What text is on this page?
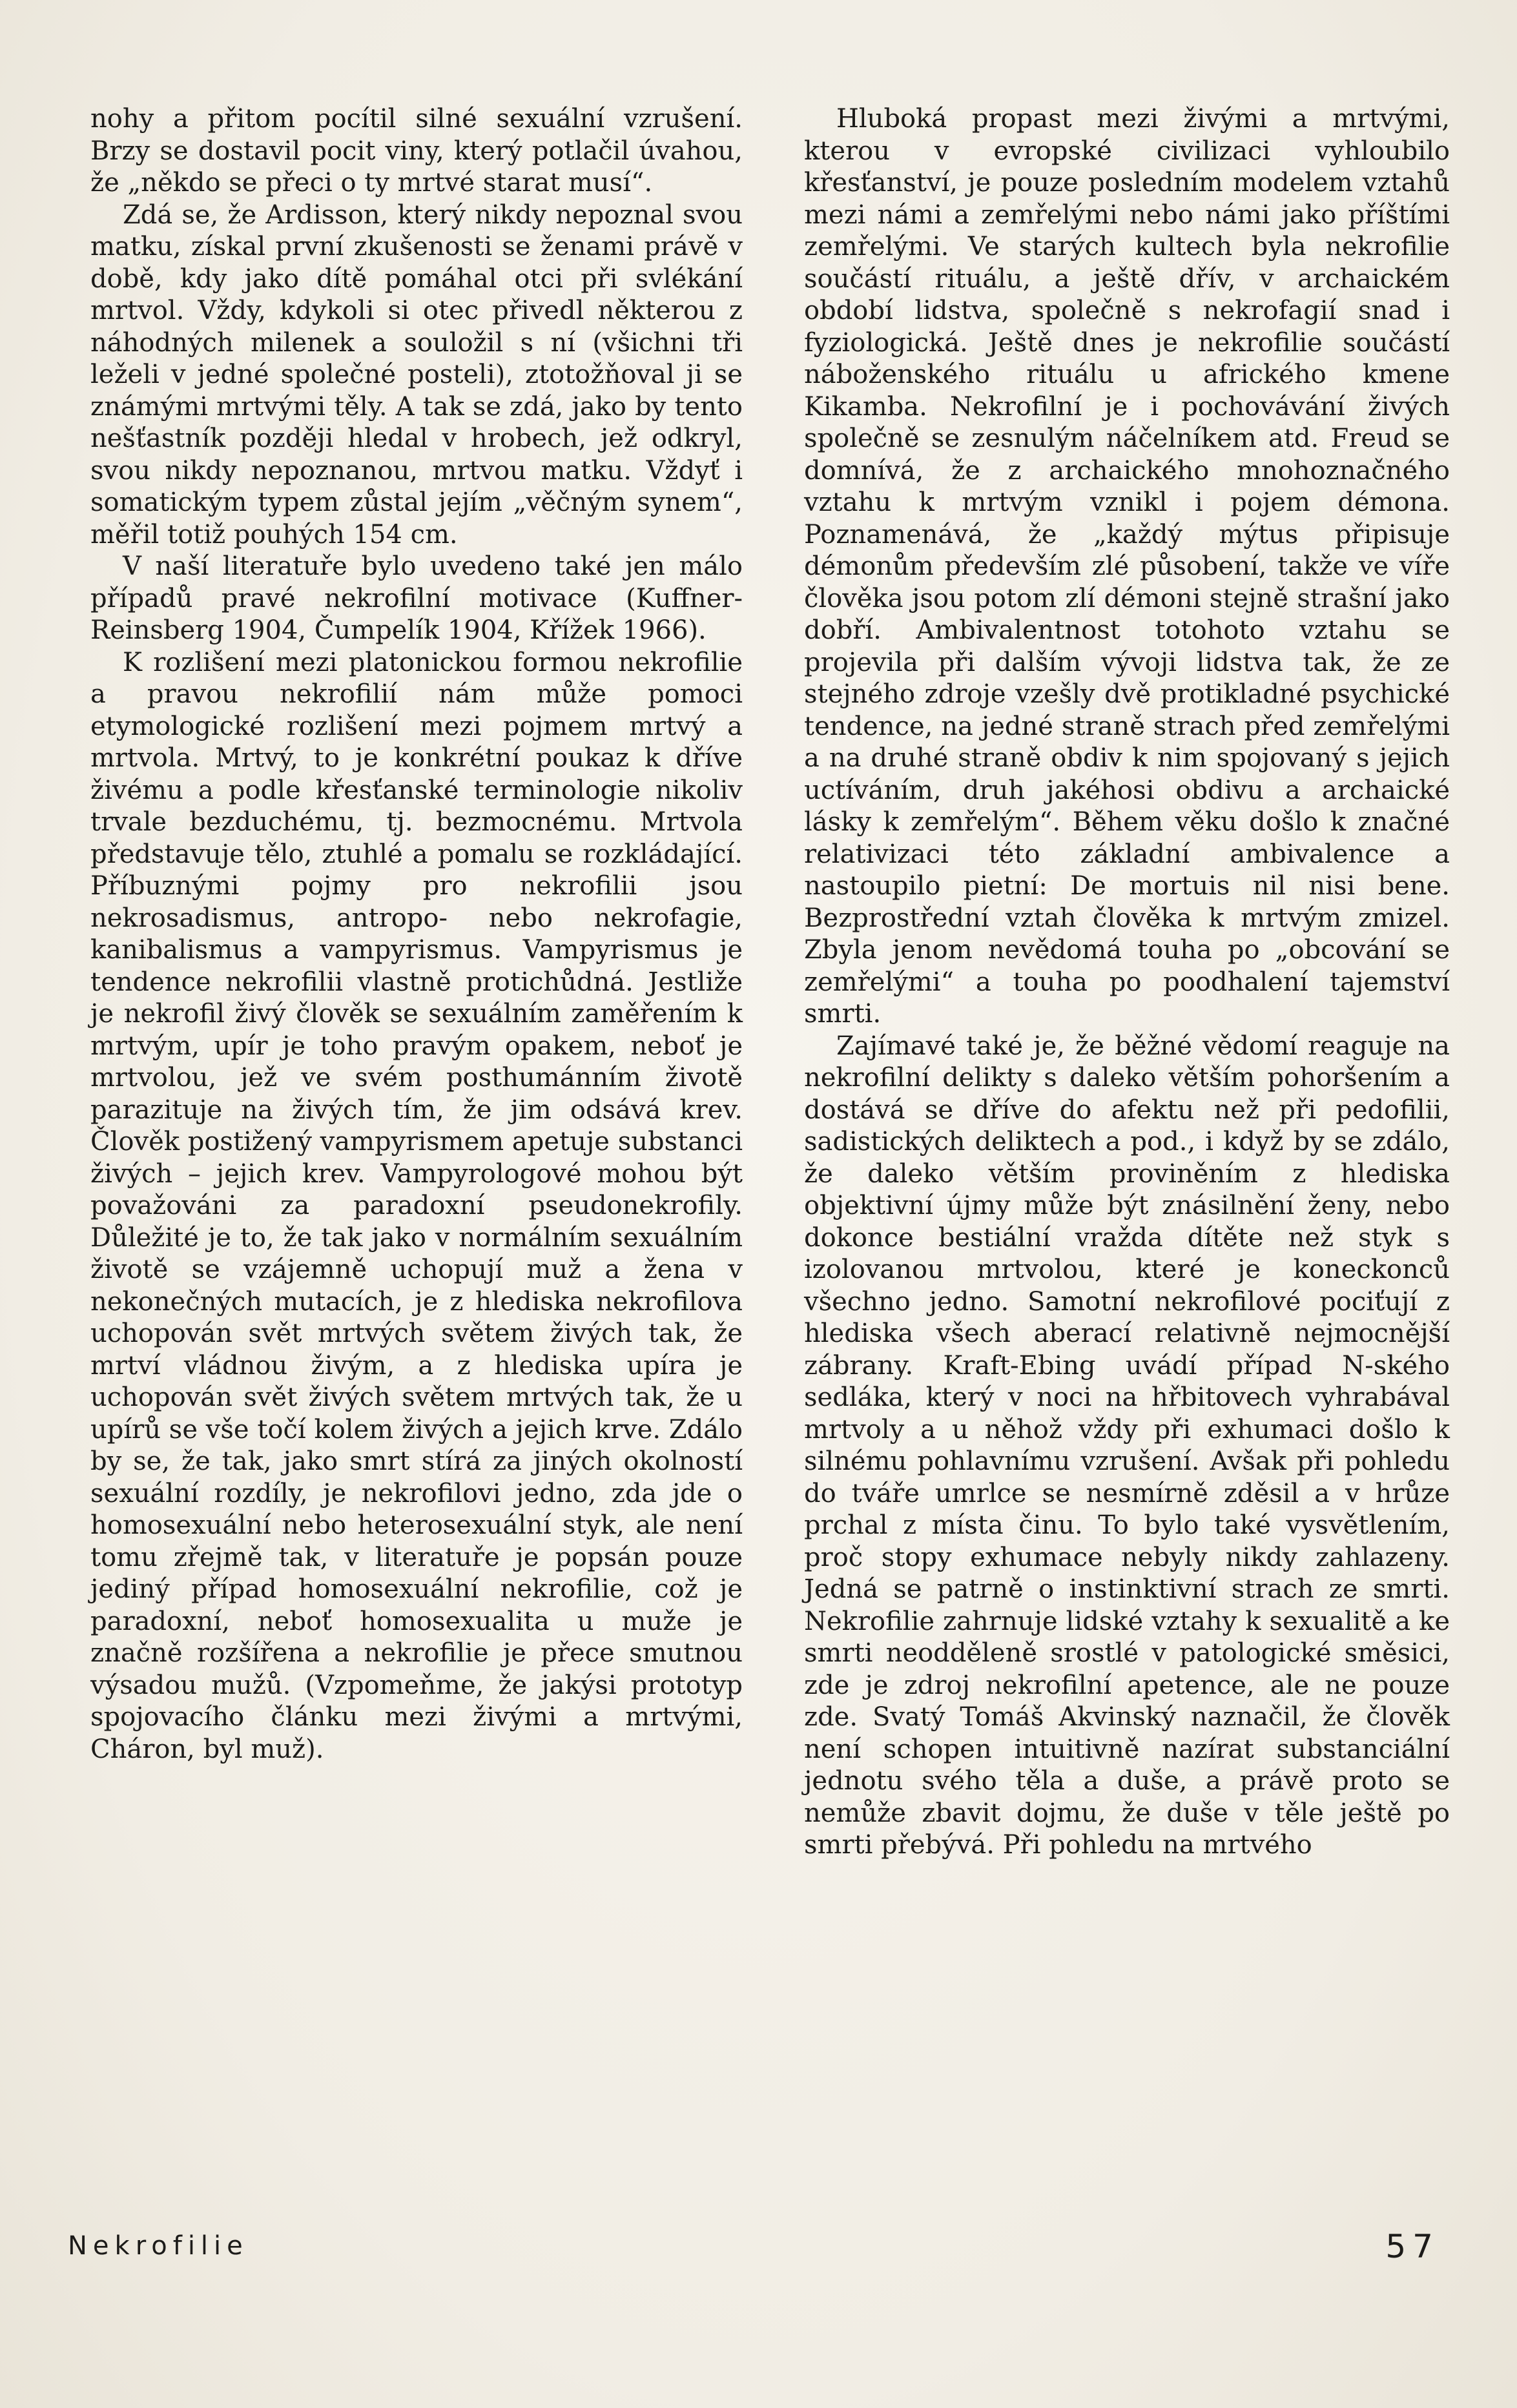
nohy a přitom pocítil silné sexuální vzrušení. Brzy se dostavil pocit viny, který potlačil úvahou, že „někdo se přeci o ty mrtvé starat musí“.

Zdá se, že Ardisson, který nikdy nepoznal svou matku, získal první zkušenosti se ženami právě v době, kdy jako dítě pomáhal otci při svlékání mrtvol. Vždy, kdykoli si otec přivedl některou z náhodných milenek a souložil s ní (všichni tři leželi v jedné společné posteli), ztotožňoval ji se známými mrtvými těly. A tak se zdá, jako by tento nešťastník později hledal v hrobech, jež odkryl, svou nikdy nepoznanou, mrtvou matku. Vždyť i somatickým typem zůstal jejím „věčným synem“, měřil totiž pouhých 154 cm.

V naší literatuře bylo uvedeno také jen málo případů pravé nekrofilní motivace (Kuffner-Reinsberg 1904, Čumpelík 1904, Křížek 1966).

K rozlišení mezi platonickou formou nekrofilie a pravou nekrofilií nám může pomoci etymologické rozlišení mezi pojmem mrtvý a mrtvola. Mrtvý, to je konkrétní poukaz k dříve živému a podle křesťanské terminologie nikoliv trvale bezduchému, tj. bezmocnému. Mrtvola představuje tělo, ztuhlé a pomalu se rozkládající. Příbuznými pojmy pro nekrofilii jsou nekrosadismus, antropo- nebo nekrofagie, kanibalismus a vampyrismus. Vampyrismus je tendence nekrofilii vlastně protichůdná. Jestliže je nekrofil živý člověk se sexuálním zaměřením k mrtvým, upír je toho pravým opakem, neboť je mrtvolou, jež ve svém posthumánním životě parazituje na živých tím, že jim odsává krev. Člověk postižený vampyrismem apetuje substanci živých – jejich krev. Vampyrologové mohou být považováni za paradoxní pseudonekrofily. Důležité je to, že tak jako v normálním sexuálním životě se vzájemně uchopují muž a žena v nekonečných mutacích, je z hlediska nekrofilova uchopován svět mrtvých světem živých tak, že mrtví vládnou živým, a z hlediska upíra je uchopován svět živých světem mrtvých tak, že u upírů se vše točí kolem živých a jejich krve. Zdálo by se, že tak, jako smrt stírá za jiných okolností sexuální rozdíly, je nekrofilovi jedno, zda jde o homosexuální nebo heterosexuální styk, ale není tomu zřejmě tak, v literatuře je popsán pouze jediný případ homosexuální nekrofilie, což je paradoxní, neboť homosexualita u muže je značně rozšířena a nekrofilie je přece smutnou výsadou mužů. (Vzpomeňme, že jakýsi prototyp spojovacího článku mezi živými a mrtvými, Cháron, byl muž).

Hluboká propast mezi živými a mrtvými, kterou v evropské civilizaci vyhloubilo křesťanství, je pouze posledním modelem vztahů mezi námi a zemřelými nebo námi jako příštími zemřelými. Ve starých kultech byla nekrofilie součástí rituálu, a ještě dřív, v archaickém období lidstva, společně s nekrofagií snad i fyziologická. Ještě dnes je nekrofilie součástí náboženského rituálu u afrického kmene Kikamba. Nekrofilní je i pochovávání živých společně se zesnulým náčelníkem atd. Freud se domnívá, že z archaického mnohoznačného vztahu k mrtvým vznikl i pojem démona. Poznamenává, že „každý mýtus připisuje démonům především zlé působení, takže ve víře člověka jsou potom zlí démoni stejně strašní jako dobří. Ambivalentnost totohoto vztahu se projevila při dalším vývoji lidstva tak, že ze stejného zdroje vzešly dvě protikladné psychické tendence, na jedné straně strach před zemřelými a na druhé straně obdiv k nim spojovaný s jejich uctíváním, druh jakéhosi obdivu a archaické lásky k zemřelým“. Během věku došlo k značné relativizaci této základní ambivalence a nastoupilo pietní: De mortuis nil nisi bene. Bezprostřední vztah člověka k mrtvým zmizel. Zbyla jenom nevědomá touha po „obcování se zemřelými“ a touha po poodhalení tajemství smrti.

Zajímavé také je, že běžné vědomí reaguje na nekrofilní delikty s daleko větším pohoršením a dostává se dříve do afektu než při pedofilii, sadistických deliktech a pod., i když by se zdálo, že daleko větším proviněním z hlediska objektivní újmy může být znásilnění ženy, nebo dokonce bestiální vražda dítěte než styk s izolovanou mrtvolou, které je koneckonců všechno jedno. Samotní nekrofilové pociťují z hlediska všech aberací relativně nejmocnější zábrany. Kraft-Ebing uvádí případ N-ského sedláka, který v noci na hřbitovech vyhrabával mrtvoly a u něhož vždy při exhumaci došlo k silnému pohlavnímu vzrušení. Avšak při pohledu do tváře umrlce se nesmírně zděsil a v hrůze prchal z místa činu. To bylo také vysvětlením, proč stopy exhumace nebyly nikdy zahlazeny. Jedná se patrně o instinktivní strach ze smrti. Nekrofilie zahrnuje lidské vztahy k sexualitě a ke smrti neodděleně srostlé v patologické směsici, zde je zdroj nekrofilní apetence, ale ne pouze zde. Svatý Tomáš Akvinský naznačil, že člověk není schopen intuitivně nazírat substanciální jednotu svého těla a duše, a právě proto se nemůže zbavit dojmu, že duše v těle ještě po smrti přebývá. Při pohledu na mrtvého

Nekrofilie	57
